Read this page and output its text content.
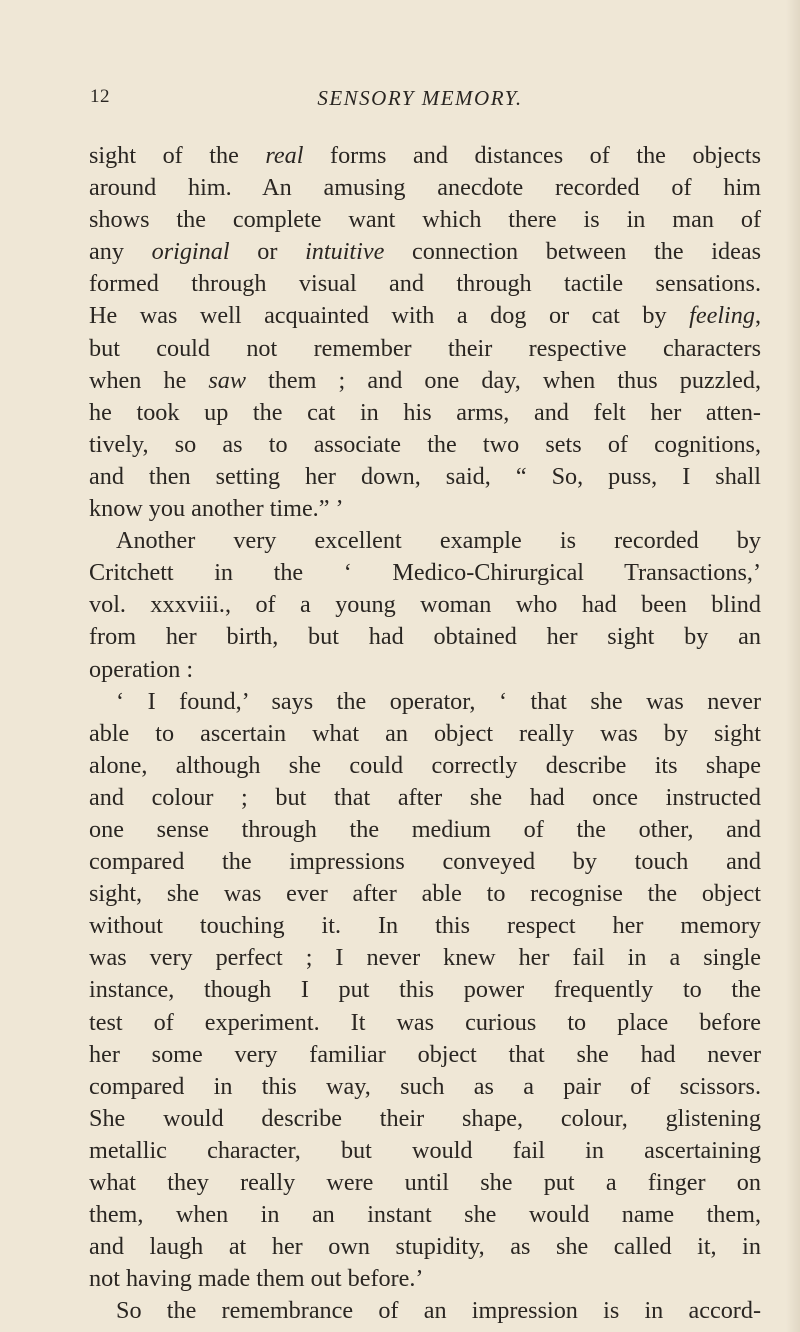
12	SENSORY MEMORY.
sight of the real forms and distances of the objects
around him. An amusing anecdote recorded of him
shows the complete want which there is in man of
any original or intuitive connection between the ideas
formed through visual and through tactile sensations.
He was well acquainted with a dog or cat by feeling,
but could not remember their respective characters
when he saw them ; and one day, when thus puzzled,
he took up the cat in his arms, and felt her atten-
tively, so as to associate the two sets of cognitions,
and then setting her down, said, “ So, puss, I shall
know you another time.” ’
Another very excellent example is recorded by
Critchett in the ‘ Medico-Chirurgical Transactions,’
vol. xxxviii., of a young woman who had been blind
from her birth, but had obtained her sight by an
operation :
‘ I found,’ says the operator, ‘ that she was never
able to ascertain what an object really was by sight
alone, although she could correctly describe its shape
and colour ; but that after she had once instructed
one sense through the medium of the other, and
compared the impressions conveyed by touch and
sight, she was ever after able to recognise the object
without touching it. In this respect her memory
was very perfect ; I never knew her fail in a single
instance, though I put this power frequently to the
test of experiment. It was curious to place before
her some very familiar object that she had never
compared in this way, such as a pair of scissors.
She would describe their shape, colour, glistening
metallic character, but would fail in ascertaining
what they really were until she put a finger on
them, when in an instant she would name them,
and laugh at her own stupidity, as she called it, in
not having made them out before.’
So the remembrance of an impression is in accord-
